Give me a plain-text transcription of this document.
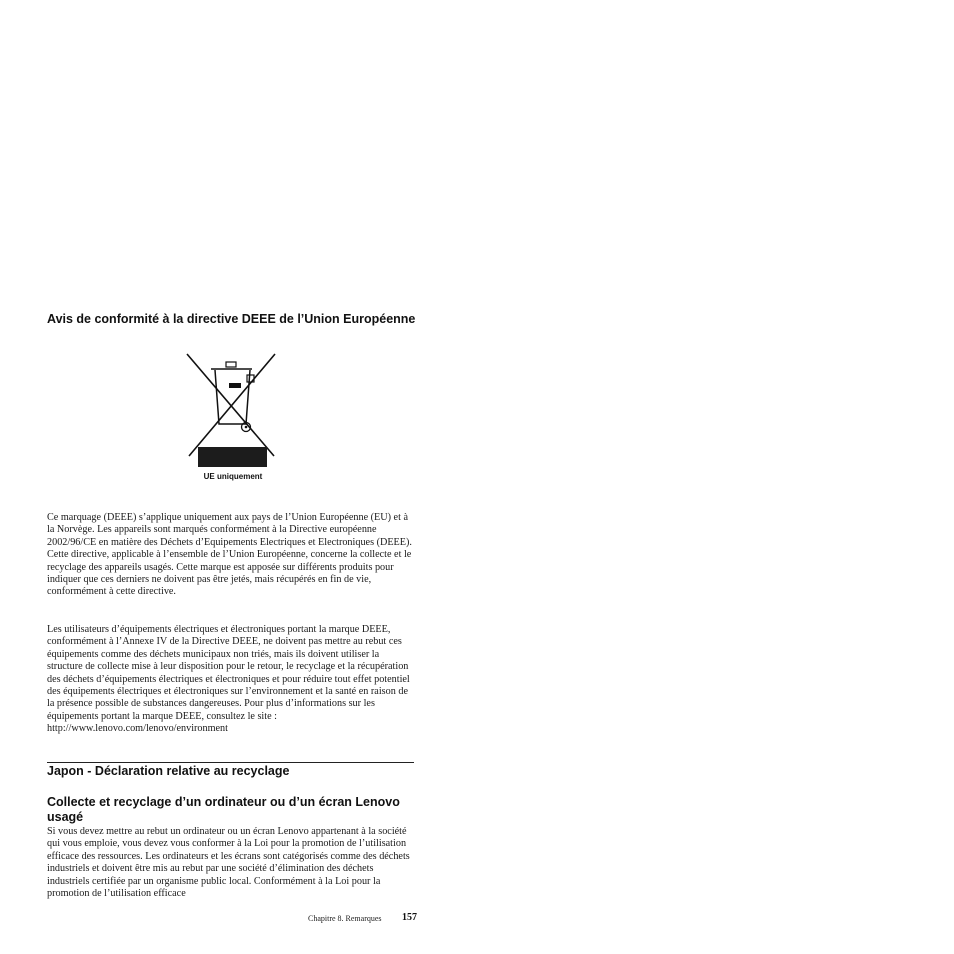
Avis de conformité à la directive DEEE de l’Union Européenne
UE uniquement

Ce marquage (DEEE) s’applique uniquement aux pays de l’Union Européenne (EU) et à la Norvège. Les appareils sont marqués conformément à la Directive européenne 2002/96/CE en matière des Déchets d’Equipements Electriques et Electroniques (DEEE). Cette directive, applicable à l’ensemble de l’Union Européenne, concerne la collecte et le recyclage des appareils usagés. Cette marque est apposée sur différents produits pour indiquer que ces derniers ne doivent pas être jetés, mais récupérés en fin de vie, conformément à cette directive.

Les utilisateurs d’équipements électriques et électroniques portant la marque DEEE, conformément à l’Annexe IV de la Directive DEEE, ne doivent pas mettre au rebut ces équipements comme des déchets municipaux non triés, mais ils doivent utiliser la structure de collecte mise à leur disposition pour le retour, le recyclage et la récupération des déchets d’équipements électriques et électroniques et pour réduire tout effet potentiel des équipements électriques et électroniques sur l’environnement et la santé en raison de la présence possible de substances dangereuses. Pour plus d’informations sur les équipements portant la marque DEEE, consultez le site : http://www.lenovo.com/lenovo/environment

Japon - Déclaration relative au recyclage
Collecte et recyclage d’un ordinateur ou d’un écran Lenovo usagé

Si vous devez mettre au rebut un ordinateur ou un écran Lenovo appartenant à la société qui vous emploie, vous devez vous conformer à la Loi pour la promotion de l’utilisation efficace des ressources. Les ordinateurs et les écrans sont catégorisés comme des déchets industriels et doivent être mis au rebut par une société d’élimination des déchets industriels certifiée par un organisme public local. Conformément à la Loi pour la promotion de l’utilisation efficace

Chapitre 8. Remarques 157
